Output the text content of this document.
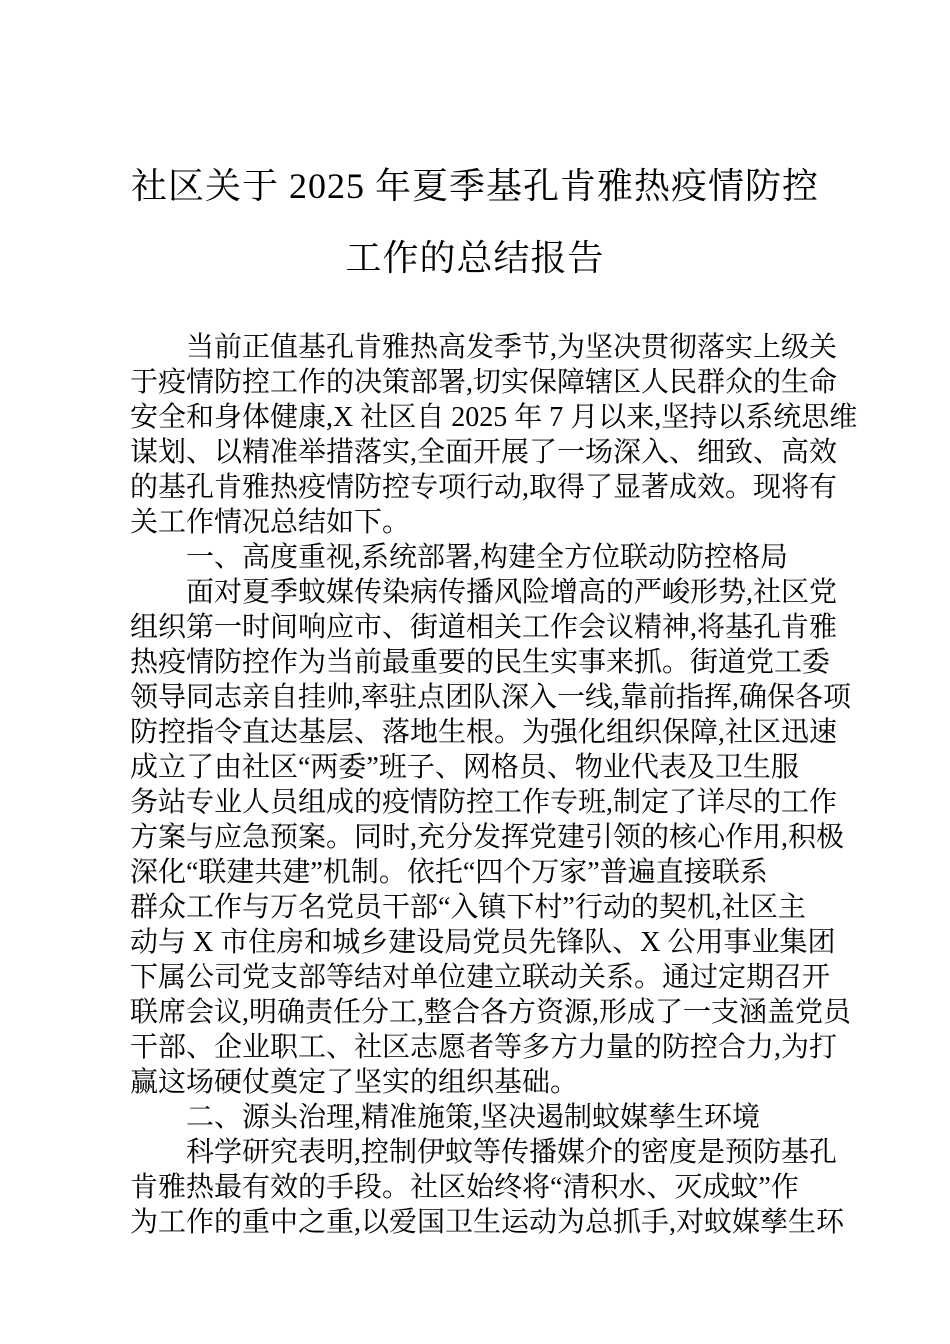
社区关于 2025 年夏季基孔肯雅热疫情防控
工作的总结报告
当前正值基孔肯雅热高发季节,为坚决贯彻落实上级关
于疫情防控工作的决策部署,切实保障辖区人民群众的生命
安全和身体健康,X 社区自 2025 年 7 月以来,坚持以系统思维
谋划、以精准举措落实,全面开展了一场深入、细致、高效
的基孔肯雅热疫情防控专项行动,取得了显著成效。现将有
关工作情况总结如下。
一、高度重视,系统部署,构建全方位联动防控格局
面对夏季蚊媒传染病传播风险增高的严峻形势,社区党
组织第一时间响应市、街道相关工作会议精神,将基孔肯雅
热疫情防控作为当前最重要的民生实事来抓。街道党工委
领导同志亲自挂帅,率驻点团队深入一线,靠前指挥,确保各项
防控指令直达基层、落地生根。为强化组织保障,社区迅速
成立了由社区“两委”班子、网格员、物业代表及卫生服
务站专业人员组成的疫情防控工作专班,制定了详尽的工作
方案与应急预案。同时,充分发挥党建引领的核心作用,积极
深化“联建共建”机制。依托“四个万家”普遍直接联系
群众工作与万名党员干部“入镇下村”行动的契机,社区主
动与 X 市住房和城乡建设局党员先锋队、X 公用事业集团
下属公司党支部等结对单位建立联动关系。通过定期召开
联席会议,明确责任分工,整合各方资源,形成了一支涵盖党员
干部、企业职工、社区志愿者等多方力量的防控合力,为打
赢这场硬仗奠定了坚实的组织基础。
二、源头治理,精准施策,坚决遏制蚊媒孳生环境
科学研究表明,控制伊蚊等传播媒介的密度是预防基孔
肯雅热最有效的手段。社区始终将“清积水、灭成蚊”作
为工作的重中之重,以爱国卫生运动为总抓手,对蚊媒孳生环
